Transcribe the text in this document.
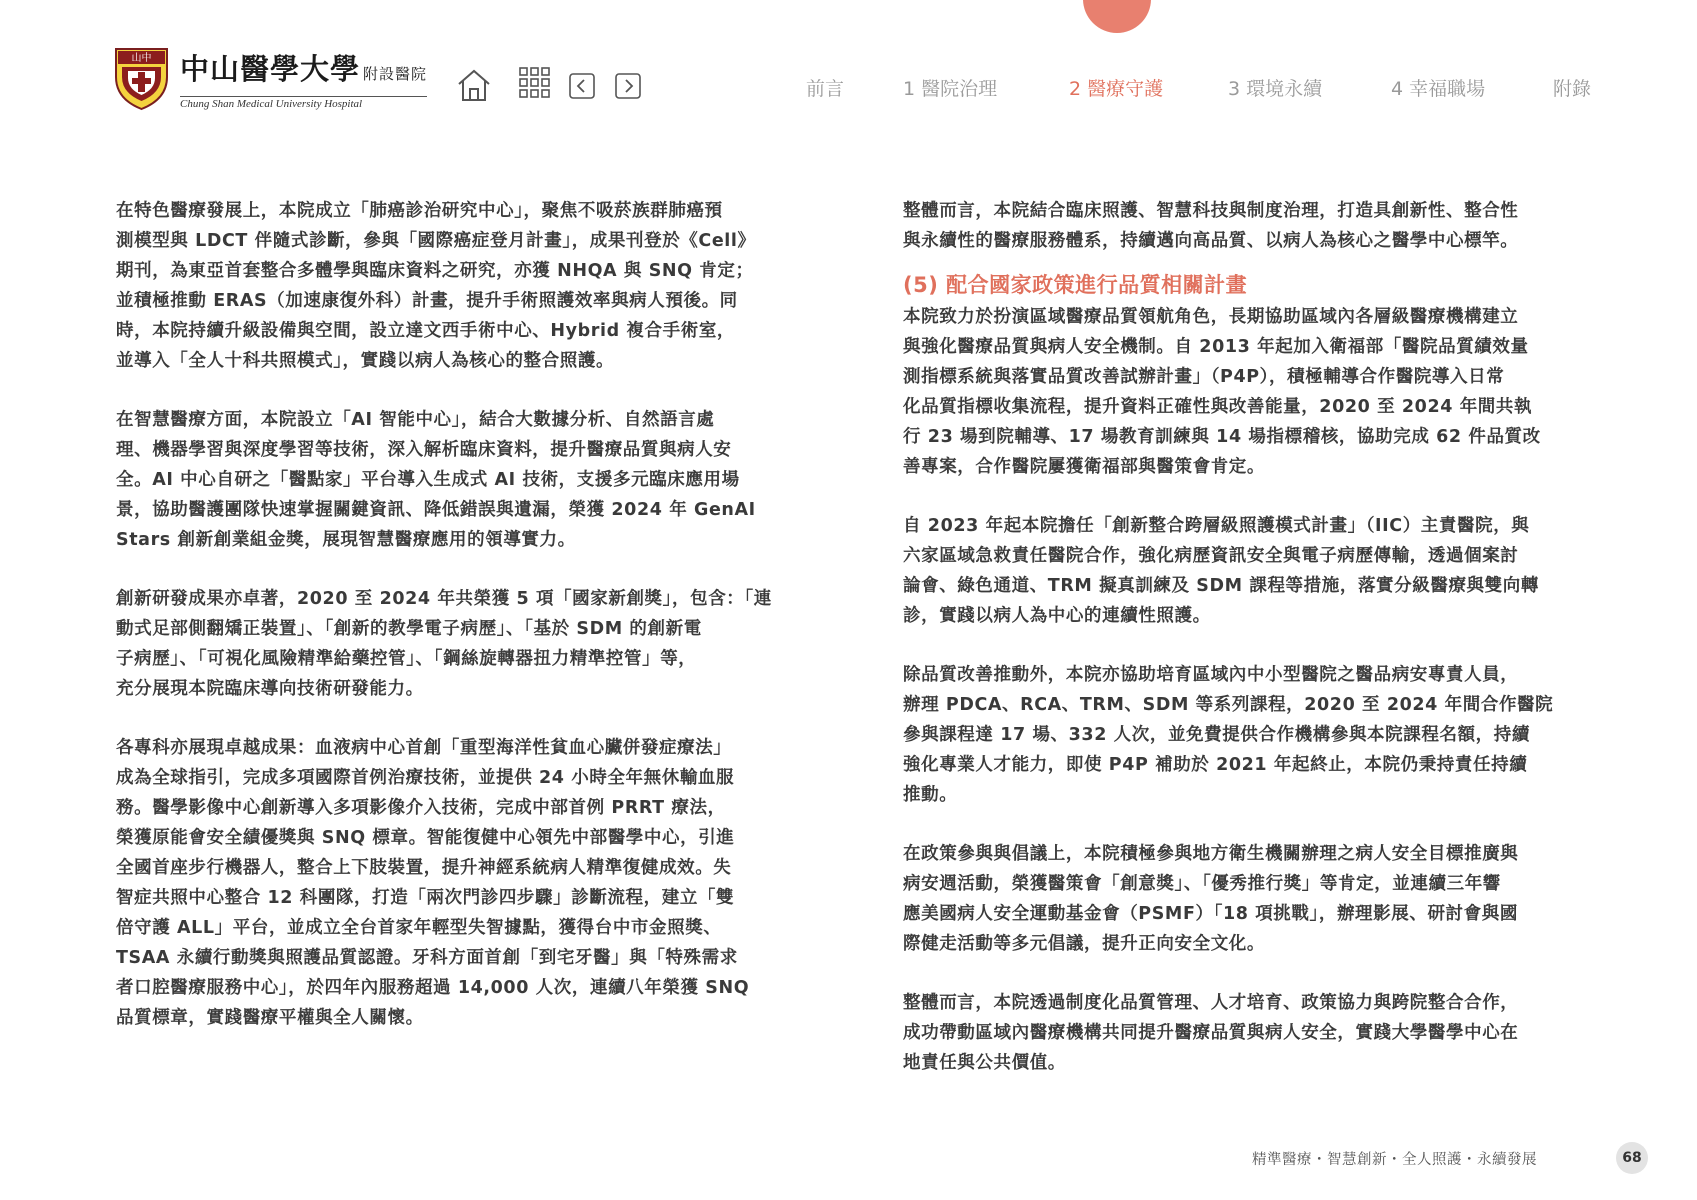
山中 中山醫學大學 附設醫院
Chung Shan Medical University Hospital
前言	1 醫院治理	2 醫療守護	3 環境永續	4 幸福職場	附錄

在特色醫療發展上，本院成立「肺癌診治研究中心」，聚焦不吸菸族群肺癌預
測模型與 LDCT 伴隨式診斷，參與「國際癌症登月計畫」，成果刊登於《Cell》
期刊，為東亞首套整合多體學與臨床資料之研究，亦獲 NHQA 與 SNQ 肯定；
並積極推動 ERAS（加速康復外科）計畫，提升手術照護效率與病人預後。同
時，本院持續升級設備與空間，設立達文西手術中心、Hybrid 複合手術室，
並導入「全人十科共照模式」，實踐以病人為核心的整合照護。

在智慧醫療方面，本院設立「AI 智能中心」，結合大數據分析、自然語言處
理、機器學習與深度學習等技術，深入解析臨床資料，提升醫療品質與病人安
全。AI 中心自研之「醫點家」平台導入生成式 AI 技術，支援多元臨床應用場
景，協助醫護團隊快速掌握關鍵資訊、降低錯誤與遺漏，榮獲 2024 年 GenAI
Stars 創新創業組金獎，展現智慧醫療應用的領導實力。

創新研發成果亦卓著，2020 至 2024 年共榮獲 5 項「國家新創獎」，包含：「連
動式足部側翻矯正裝置」、「創新的教學電子病歷」、「基於 SDM 的創新電
子病歷」、「可視化風險精準給藥控管」、「鋼絲旋轉器扭力精準控管」等，
充分展現本院臨床導向技術研發能力。

各專科亦展現卓越成果：血液病中心首創「重型海洋性貧血心臟併發症療法」
成為全球指引，完成多項國際首例治療技術，並提供 24 小時全年無休輸血服
務。醫學影像中心創新導入多項影像介入技術，完成中部首例 PRRT 療法，
榮獲原能會安全績優獎與 SNQ 標章。智能復健中心領先中部醫學中心，引進
全國首座步行機器人，整合上下肢裝置，提升神經系統病人精準復健成效。失
智症共照中心整合 12 科團隊，打造「兩次門診四步驟」診斷流程，建立「雙
倍守護 ALL」平台，並成立全台首家年輕型失智據點，獲得台中市金照獎、
TSAA 永續行動獎與照護品質認證。牙科方面首創「到宅牙醫」與「特殊需求
者口腔醫療服務中心」，於四年內服務超過 14,000 人次，連續八年榮獲 SNQ
品質標章，實踐醫療平權與全人關懷。

整體而言，本院結合臨床照護、智慧科技與制度治理，打造具創新性、整合性
與永續性的醫療服務體系，持續邁向高品質、以病人為核心之醫學中心標竿。

(5) 配合國家政策進行品質相關計畫

本院致力於扮演區域醫療品質領航角色，長期協助區域內各層級醫療機構建立
與強化醫療品質與病人安全機制。自 2013 年起加入衛福部「醫院品質績效量
測指標系統與落實品質改善試辦計畫」（P4P），積極輔導合作醫院導入日常
化品質指標收集流程，提升資料正確性與改善能量，2020 至 2024 年間共執
行 23 場到院輔導、17 場教育訓練與 14 場指標稽核，協助完成 62 件品質改
善專案，合作醫院屢獲衛福部與醫策會肯定。

自 2023 年起本院擔任「創新整合跨層級照護模式計畫」（IIC）主責醫院，與
六家區域急救責任醫院合作，強化病歷資訊安全與電子病歷傳輸，透過個案討
論會、綠色通道、TRM 擬真訓練及 SDM 課程等措施，落實分級醫療與雙向轉
診，實踐以病人為中心的連續性照護。

除品質改善推動外，本院亦協助培育區域內中小型醫院之醫品病安專責人員，
辦理 PDCA、RCA、TRM、SDM 等系列課程，2020 至 2024 年間合作醫院
參與課程達 17 場、332 人次，並免費提供合作機構參與本院課程名額，持續
強化專業人才能力，即使 P4P 補助於 2021 年起終止，本院仍秉持責任持續
推動。

在政策參與與倡議上，本院積極參與地方衛生機關辦理之病人安全目標推廣與
病安週活動，榮獲醫策會「創意獎」、「優秀推行獎」等肯定，並連續三年響
應美國病人安全運動基金會（PSMF）「18 項挑戰」，辦理影展、研討會與國
際健走活動等多元倡議，提升正向安全文化。

整體而言，本院透過制度化品質管理、人才培育、政策協力與跨院整合合作，
成功帶動區域內醫療機構共同提升醫療品質與病人安全，實踐大學醫學中心在
地責任與公共價值。

精準醫療・智慧創新・全人照護・永續發展	68
